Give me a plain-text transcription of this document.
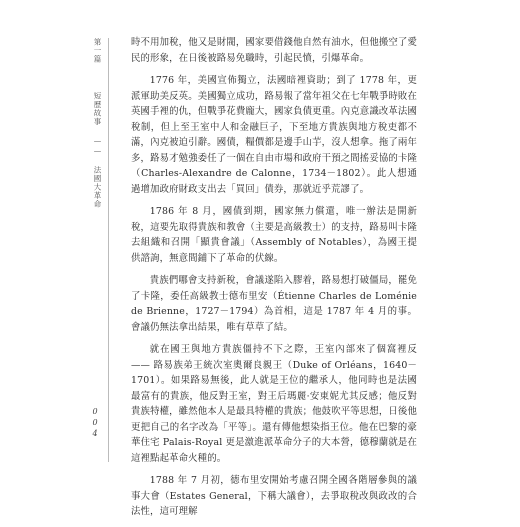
第一篇 　 短歷故事 —— 法國大革命
0
0
4

時不用加稅，他又是財閥，國家要借錢他自然有油水，但他搬空了愛民的形象，在日後被路易免職時，引起民憤，引爆革命。

1776 年，美國宣佈獨立，法國暗裡資助；到了 1778 年，更派軍助美反英。美國獨立成功，路易報了當年祖父在七年戰爭時敗在英國手裡的仇，但戰爭花費龐大，國家負債更重。內克意識改革法國稅制，但上至王室中人和金融巨子，下至地方貴族與地方稅吏都不滿，內克被迫引辭。國債，糧價都是邊手山芋，沒人想拿。拖了兩年多，路易才勉強委任了一個在自由市場和政府干預之間搖妥協的卡隆（Charles-Alexandre de Calonne，1734－1802）。此人想通過增加政府財政支出去「買回」債券，那就近乎荒謬了。

1786 年 8 月，國債到期，國家無力償還，唯一辦法是開新稅，這要先取得貴族和教會（主要是高級教士）的支持，路易叫卡隆去組織和召開「顯貴會議」（Assembly of Notables），為國王提供諮詢，無意間鋪下了革命的伏線。

貴族們哪會支持新稅，會議遂陷入膠着，路易想打破僵局，罷免了卡隆，委任高級教士德布里安（Étienne Charles de Loménie de Brienne，1727－1794）為首相，這是 1787 年 4 月的事。會議仍無法拿出結果，唯有草草了結。

就在國王與地方貴族僵持不下之際，王室內部來了個窩裡反 —— 路易族弟王統次室奧爾良親王（Duke of Orléans，1640－1701）。如果路易無後，此人就是王位的繼承人，他同時也是法國最富有的貴族，他反對王室，對王后瑪麗·安東妮尤其反感；他反對貴族特權，雖然他本人是最具特權的貴族；他鼓吹平等思想，日後他更把自己的名字改為「平等」。還有傳他想染指王位。他在巴黎的豪華住宅 Palais-Royal 更是激進派革命分子的大本營，德穆蘭就是在這裡點起革命火種的。

1788 年 7 月初，德布里安開始考慮召開全國各階層參與的議事大會（Estates General，下稱大議會），去爭取稅改與政改的合法性，這可理解
